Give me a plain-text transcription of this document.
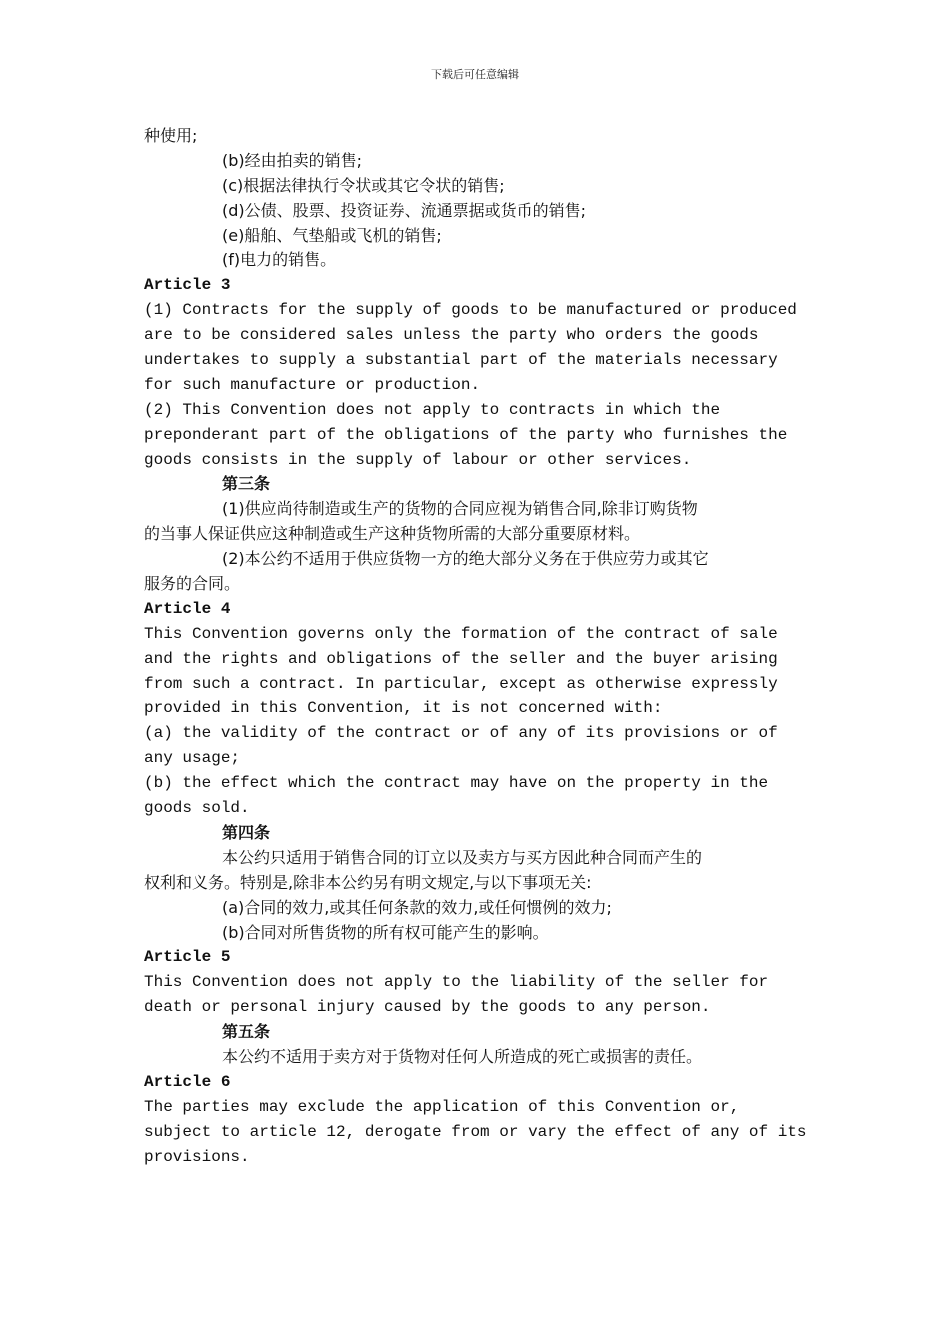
下载后可任意编辑
种使用;
(b)经由拍卖的销售;
(c)根据法律执行令状或其它令状的销售;
(d)公债、股票、投资证券、流通票据或货币的销售;
(e)船舶、气垫船或飞机的销售;
(f)电力的销售。
Article 3
(1) Contracts for the supply of goods to be manufactured or produced
are to be considered sales unless the party who orders the goods
undertakes to supply a substantial part of the materials necessary
for such manufacture or production.
(2) This Convention does not apply to contracts in which the
preponderant part of the obligations of the party who furnishes the
goods consists in the supply of labour or other services.
第三条
(1)供应尚待制造或生产的货物的合同应视为销售合同,除非订购货物
的当事人保证供应这种制造或生产这种货物所需的大部分重要原材料。
(2)本公约不适用于供应货物一方的绝大部分义务在于供应劳力或其它
服务的合同。
Article 4
This Convention governs only the formation of the contract of sale
and the rights and obligations of the seller and the buyer arising
from such a contract. In particular, except as otherwise expressly
provided in this Convention, it is not concerned with:
(a) the validity of the contract or of any of its provisions or of
any usage;
(b) the effect which the contract may have on the property in the
goods sold.
第四条
本公约只适用于销售合同的订立以及卖方与买方因此种合同而产生的
权利和义务。特别是,除非本公约另有明文规定,与以下事项无关:
(a)合同的效力,或其任何条款的效力,或任何惯例的效力;
(b)合同对所售货物的所有权可能产生的影响。
Article 5
This Convention does not apply to the liability of the seller for
death or personal injury caused by the goods to any person.
第五条
本公约不适用于卖方对于货物对任何人所造成的死亡或损害的责任。
Article 6
The parties may exclude the application of this Convention or,
subject to article 12, derogate from or vary the effect of any of its
provisions.
